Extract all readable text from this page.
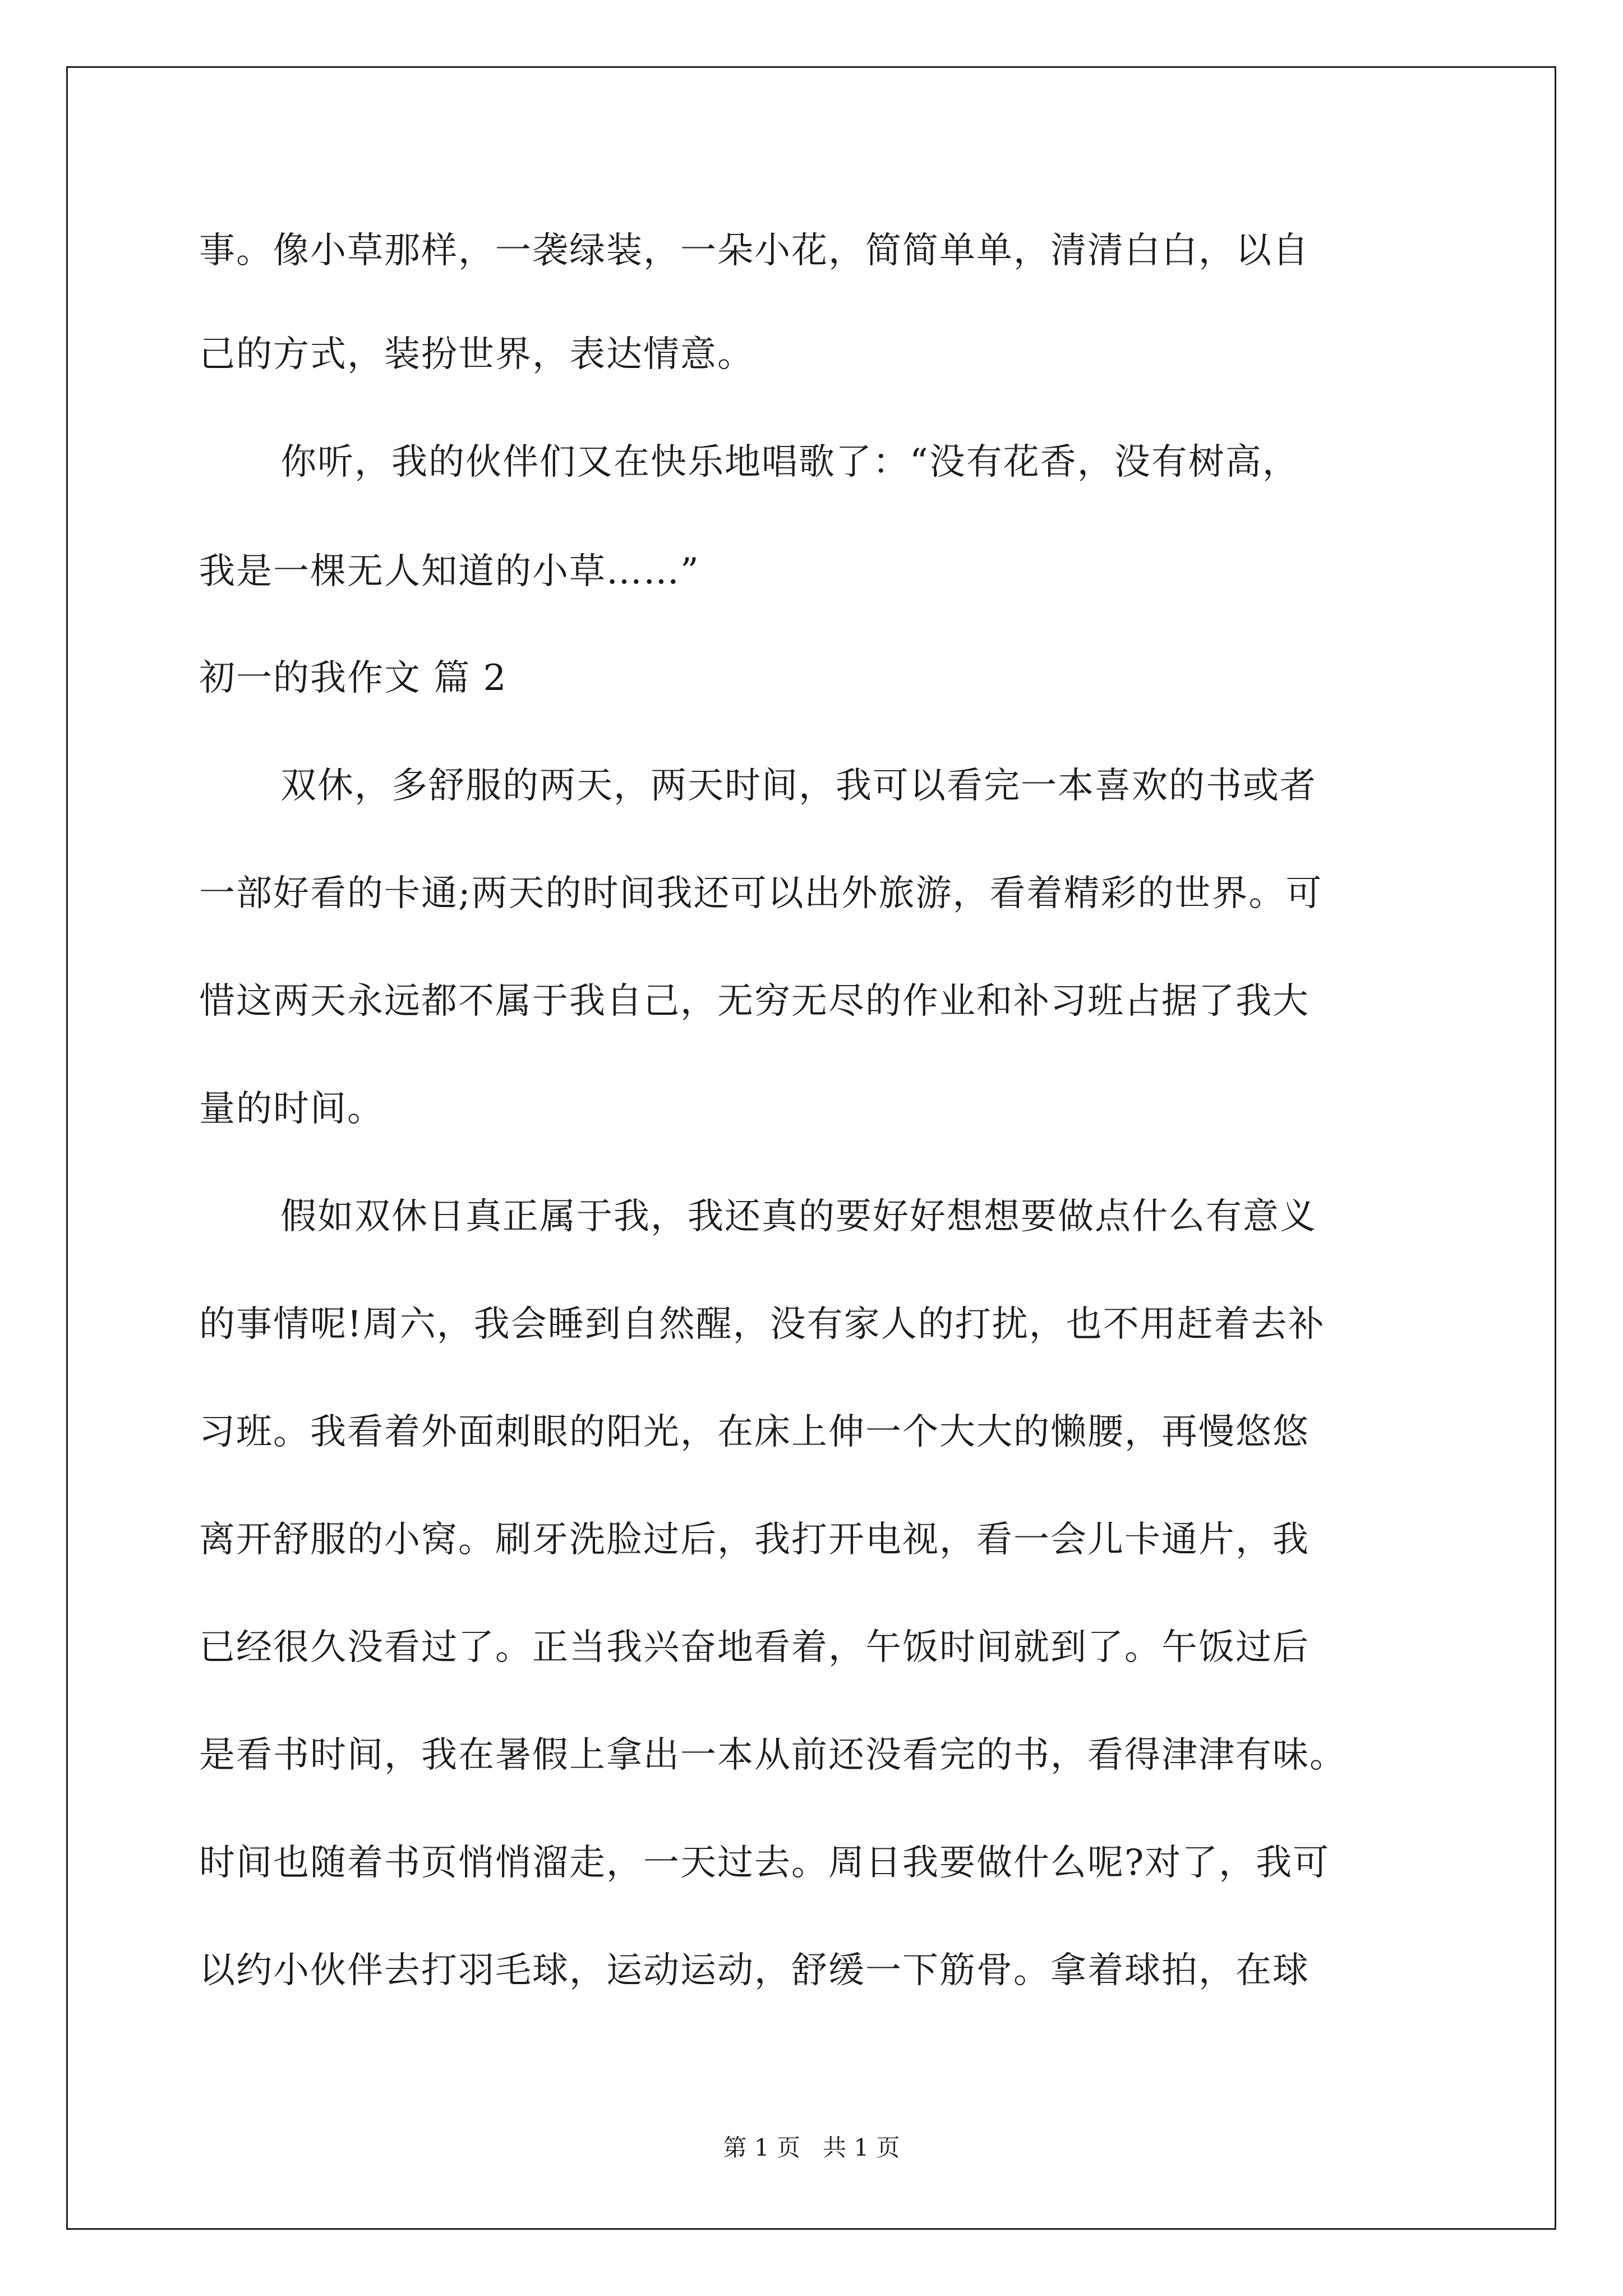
事。像小草那样，一袭绿装，一朵小花，简简单单，清清白白，以自
己的方式，装扮世界，表达情意。
你听，我的伙伴们又在快乐地唱歌了：“没有花香，没有树高，
我是一棵无人知道的小草……”
初一的我作文 篇 2
双休，多舒服的两天，两天时间，我可以看完一本喜欢的书或者
一部好看的卡通;两天的时间我还可以出外旅游，看着精彩的世界。可
惜这两天永远都不属于我自己，无穷无尽的作业和补习班占据了我大
量的时间。
假如双休日真正属于我，我还真的要好好想想要做点什么有意义
的事情呢!周六，我会睡到自然醒，没有家人的打扰，也不用赶着去补
习班。我看着外面刺眼的阳光，在床上伸一个大大的懒腰，再慢悠悠
离开舒服的小窝。刷牙洗脸过后，我打开电视，看一会儿卡通片，我
已经很久没看过了。正当我兴奋地看着，午饭时间就到了。午饭过后
是看书时间，我在暑假上拿出一本从前还没看完的书，看得津津有味。
时间也随着书页悄悄溜走，一天过去。周日我要做什么呢?对了，我可
以约小伙伴去打羽毛球，运动运动，舒缓一下筋骨。拿着球拍，在球
第 1 页   共 1 页
